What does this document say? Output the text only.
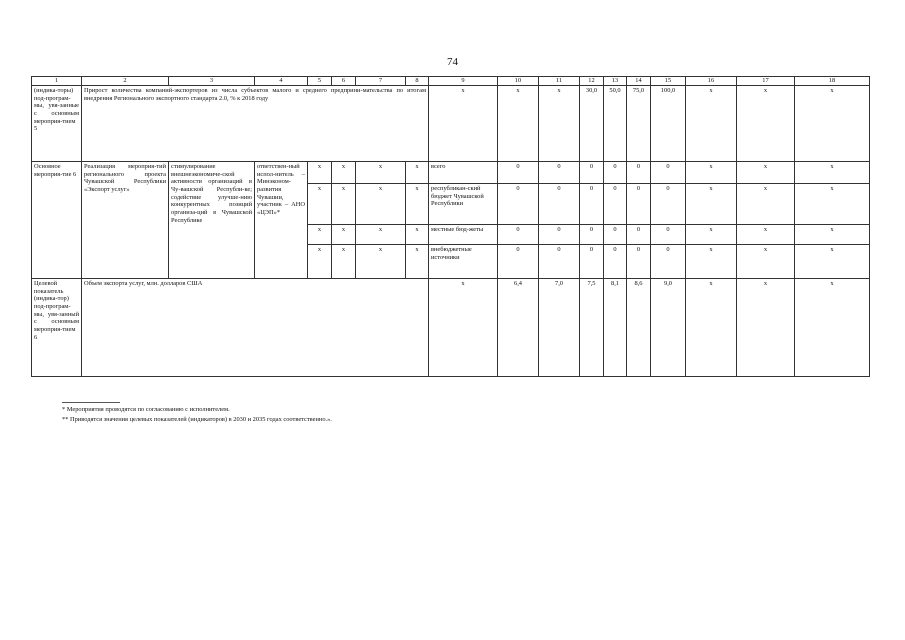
74
1	2	3	4	5	6	7	8	9	10	11	12	13	14	15	16	17	18
(индика-торы) под-програм-мы, увя-занные с основным мероприя-тием 5	Прирост количества компаний-экспортеров из числа субъектов малого и среднего предприни-мательства по итогам внедрения Регионального экспортного стандарта 2.0, % к 2018 году							х	х	х	30,0	50,0	75,0	100,0	х	х	х
Основное мероприя-тие 6	Реализация мероприя-тий регионального проекта Чувашской Республики «Экспорт услуг»	стимулирование внешнеэкономиче-ской активности организаций в Чу-вашской Республи-ке; содействие улучше-нию конкурентных позиций организа-ций в Чувашской Республике	ответствен-ный испол-нитель – Минэконом-развития Чувашии, участник – АНО «ЦЭП»*	х	х	х	х	всего	0	0	0	0	0	0	х	х	х
				х	х	х	х	республикан-ский бюджет Чувашской Республики	0	0	0	0	0	0	х	х	х
				х	х	х	х	местные бюд-жеты	0	0	0	0	0	0	х	х	х
				х	х	х	х	внебюджетные источники	0	0	0	0	0	0	х	х	х
Целевой показатель (индика-тор) под-програм-мы, увя-занный с основным мероприя-тием 6	Объем экспорта услуг, млн. долларов США							х	6,4	7,0	7,5	8,1	8,6	9,0	х	х	х
* Мероприятия проводятся по согласованию с исполнителем.
** Приводятся значения целевых показателей (индикаторов) в 2030 и 2035 годах соответственно.».
